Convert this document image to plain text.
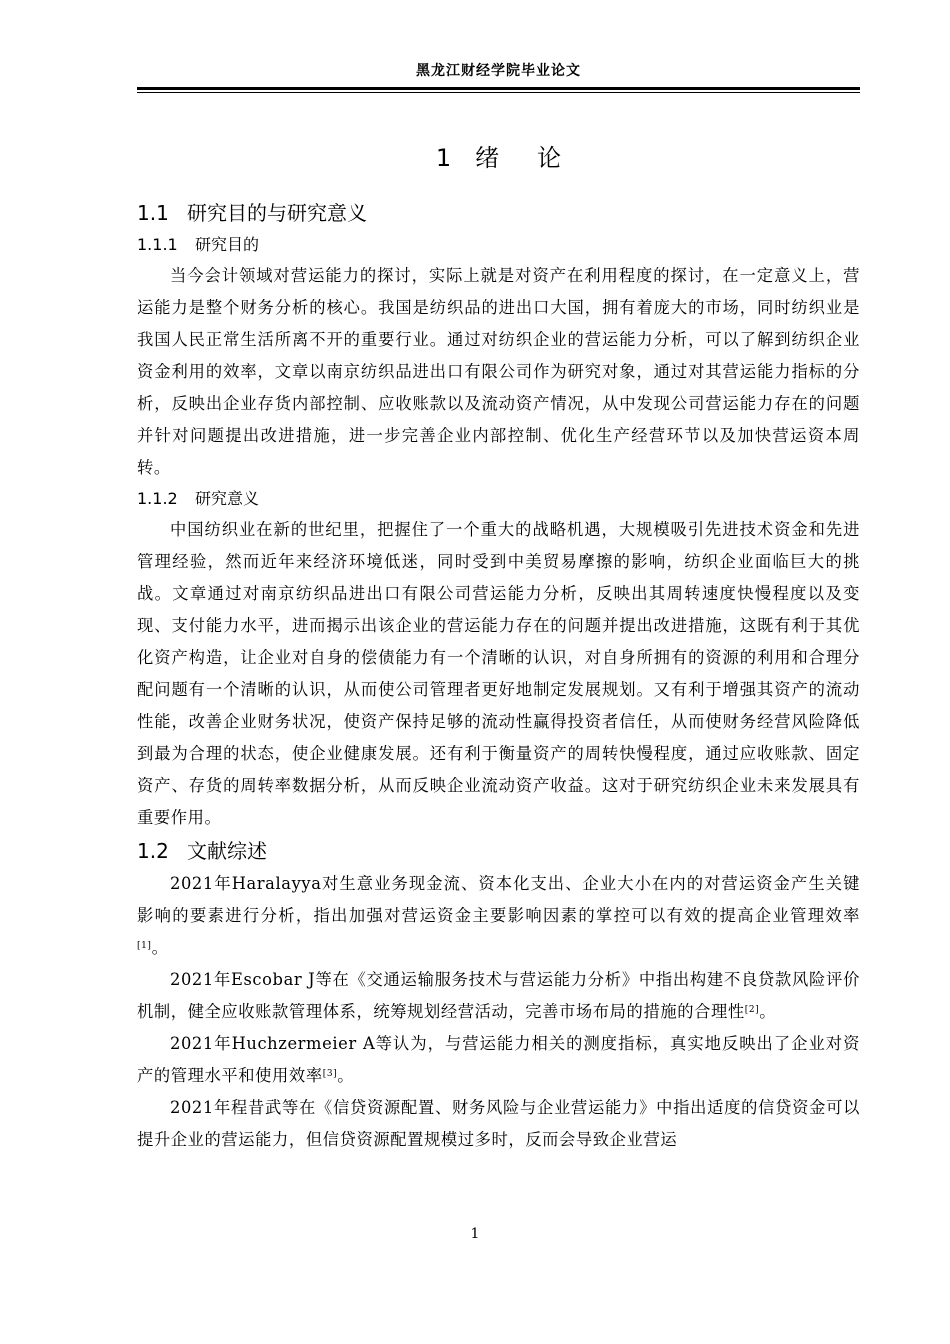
黑龙江财经学院毕业论文
1 绪 论
1.1 研究目的与研究意义
1.1.1 研究目的

当今会计领域对营运能力的探讨，实际上就是对资产在利用程度的探讨，在一定意义上，营运能力是整个财务分析的核心。我国是纺织品的进出口大国，拥有着庞大的市场，同时纺织业是我国人民正常生活所离不开的重要行业。通过对纺织企业的营运能力分析，可以了解到纺织企业资金利用的效率，文章以南京纺织品进出口有限公司作为研究对象，通过对其营运能力指标的分析，反映出企业存货内部控制、应收账款以及流动资产情况，从中发现公司营运能力存在的问题并针对问题提出改进措施，进一步完善企业内部控制、优化生产经营环节以及加快营运资本周转。

1.1.2 研究意义

中国纺织业在新的世纪里，把握住了一个重大的战略机遇，大规模吸引先进技术资金和先进管理经验，然而近年来经济环境低迷，同时受到中美贸易摩擦的影响，纺织企业面临巨大的挑战。文章通过对南京纺织品进出口有限公司营运能力分析，反映出其周转速度快慢程度以及变现、支付能力水平，进而揭示出该企业的营运能力存在的问题并提出改进措施，这既有利于其优化资产构造，让企业对自身的偿债能力有一个清晰的认识，对自身所拥有的资源的利用和合理分配问题有一个清晰的认识，从而使公司管理者更好地制定发展规划。又有利于增强其资产的流动性能，改善企业财务状况，使资产保持足够的流动性赢得投资者信任，从而使财务经营风险降低到最为合理的状态，使企业健康发展。还有利于衡量资产的周转快慢程度，通过应收账款、固定资产、存货的周转率数据分析，从而反映企业流动资产收益。这对于研究纺织企业未来发展具有重要作用。

1.2 文献综述

2021年Haralayya对生意业务现金流、资本化支出、企业大小在内的对营运资金产生关键影响的要素进行分析，指出加强对营运资金主要影响因素的掌控可以有效的提高企业管理效率[1]。

2021年Escobar J等在《交通运输服务技术与营运能力分析》中指出构建不良贷款风险评价机制，健全应收账款管理体系，统筹规划经营活动，完善市场布局的措施的合理性[2]。

2021年Huchzermeier A等认为，与营运能力相关的测度指标，真实地反映出了企业对资产的管理水平和使用效率[3]。

2021年程昔武等在《信贷资源配置、财务风险与企业营运能力》中指出适度的信贷资金可以提升企业的营运能力，但信贷资源配置规模过多时，反而会导致企业营运

1
